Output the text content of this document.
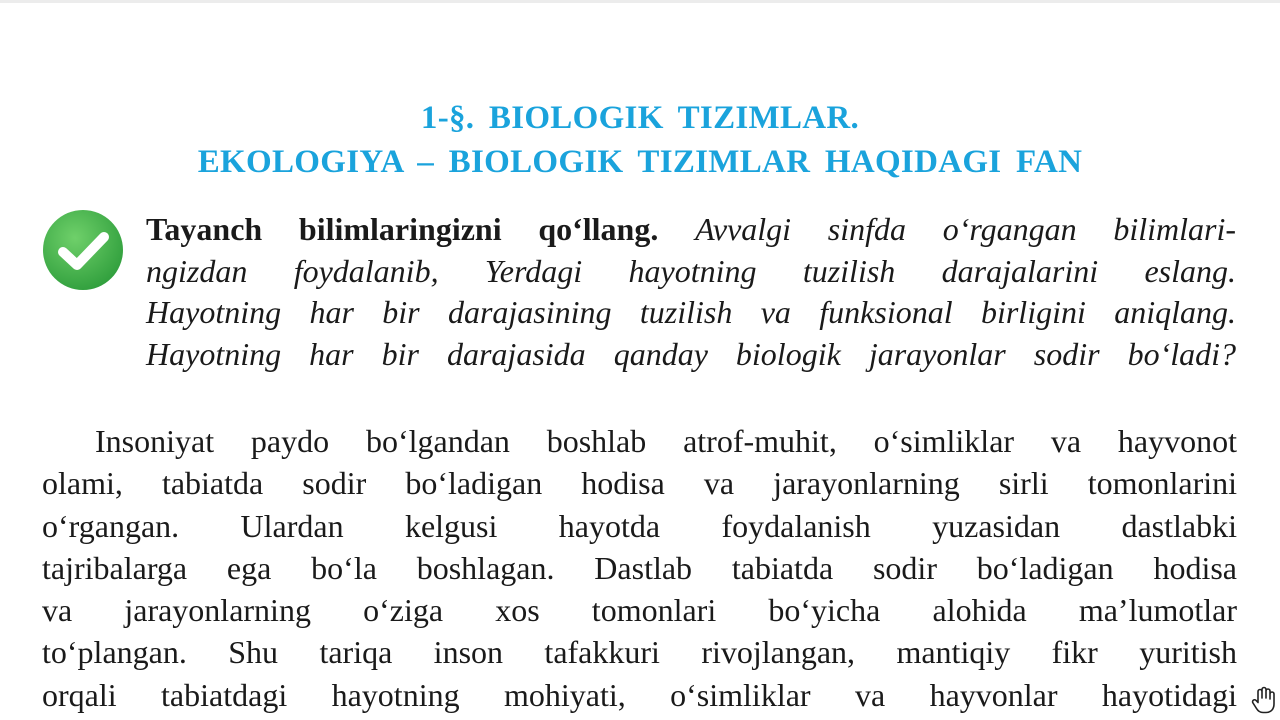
1-§. BIOLOGIK TIZIMLAR.
EKOLOGIYA – BIOLOGIK TIZIMLAR HAQIDAGI FAN
Tayanch bilimlaringizni qo‘llang. Avvalgi sinfda o‘rgangan bilimlari-
ngizdan foydalanib, Yerdagi hayotning tuzilish darajalarini eslang.
Hayotning har bir darajasining tuzilish va funksional birligini aniqlang.
Hayotning har bir darajasida qanday biologik jarayonlar sodir bo‘ladi?
Insoniyat paydo bo‘lgandan boshlab atrof-muhit, o‘simliklar va hayvonot
olami, tabiatda sodir bo‘ladigan hodisa va jarayonlarning sirli tomonlarini
o‘rgangan. Ulardan kelgusi hayotda foydalanish yuzasidan dastlabki
tajribalarga ega bo‘la boshlagan. Dastlab tabiatda sodir bo‘ladigan hodisa
va jarayonlarning o‘ziga xos tomonlari bo‘yicha alohida ma’lumotlar
to‘plangan. Shu tariqa inson tafakkuri rivojlangan, mantiqiy fikr yuritish
orqali tabiatdagi hayotning mohiyati, o‘simliklar va hayvonlar hayotidagi
